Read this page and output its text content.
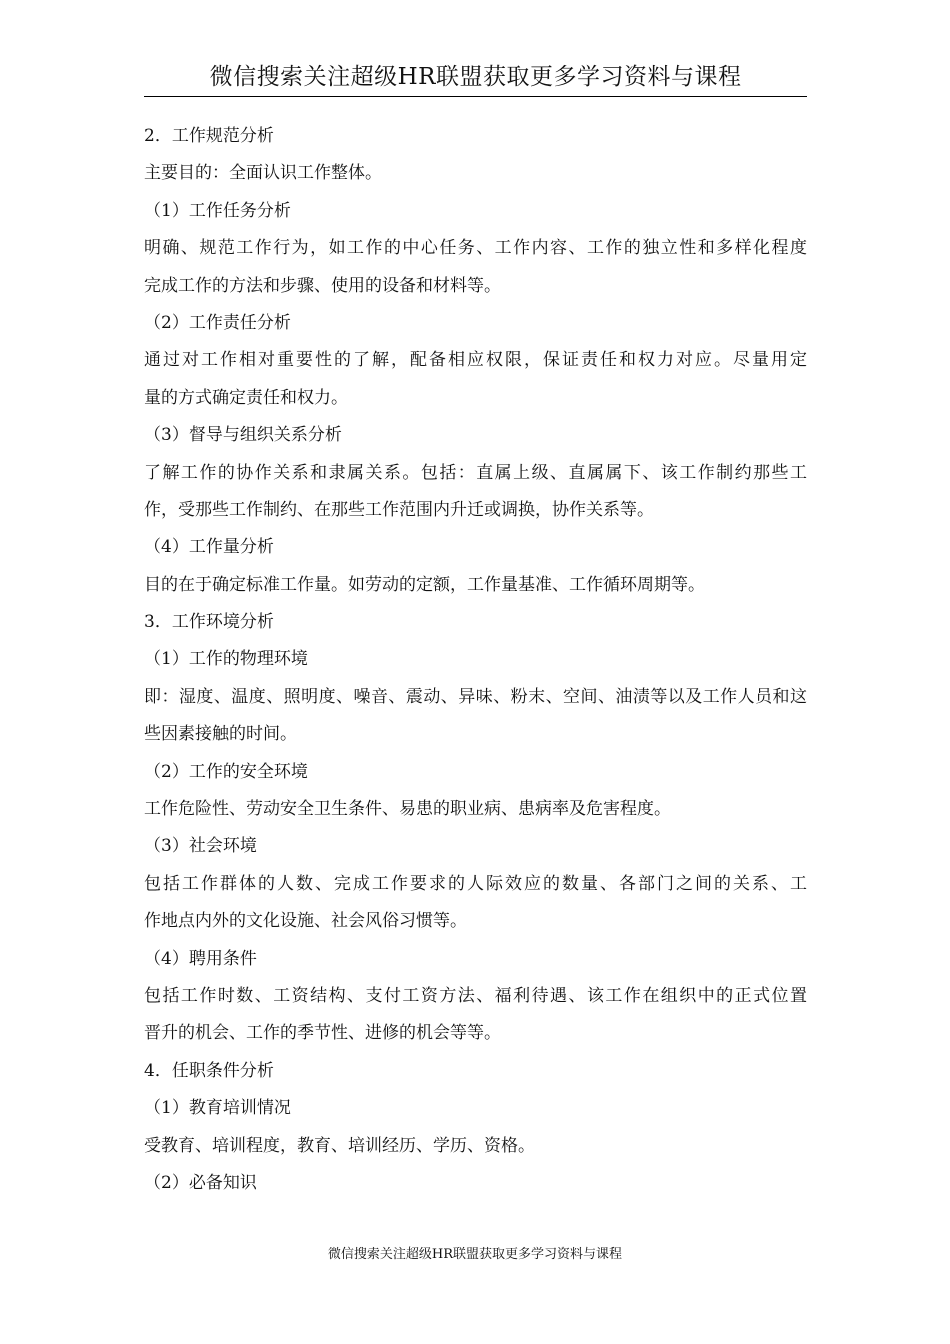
微信搜索关注超级HR联盟获取更多学习资料与课程
2．工作规范分析
主要目的：全面认识工作整体。
（1）工作任务分析
明确、规范工作行为，如工作的中心任务、工作内容、工作的独立性和多样化程度
完成工作的方法和步骤、使用的设备和材料等。
（2）工作责任分析
通过对工作相对重要性的了解，配备相应权限，保证责任和权力对应。尽量用定
量的方式确定责任和权力。
（3）督导与组织关系分析
了解工作的协作关系和隶属关系。包括：直属上级、直属属下、该工作制约那些工
作，受那些工作制约、在那些工作范围内升迁或调换，协作关系等。
（4）工作量分析
目的在于确定标准工作量。如劳动的定额，工作量基准、工作循环周期等。
3．工作环境分析
（1）工作的物理环境
即：湿度、温度、照明度、噪音、震动、异味、粉末、空间、油渍等以及工作人员和这
些因素接触的时间。
（2）工作的安全环境
工作危险性、劳动安全卫生条件、易患的职业病、患病率及危害程度。
（3）社会环境
包括工作群体的人数、完成工作要求的人际效应的数量、各部门之间的关系、工
作地点内外的文化设施、社会风俗习惯等。
（4）聘用条件
包括工作时数、工资结构、支付工资方法、福利待遇、该工作在组织中的正式位置
晋升的机会、工作的季节性、进修的机会等等。
4．任职条件分析
（1）教育培训情况
受教育、培训程度，教育、培训经历、学历、资格。
（2）必备知识
微信搜索关注超级HR联盟获取更多学习资料与课程
